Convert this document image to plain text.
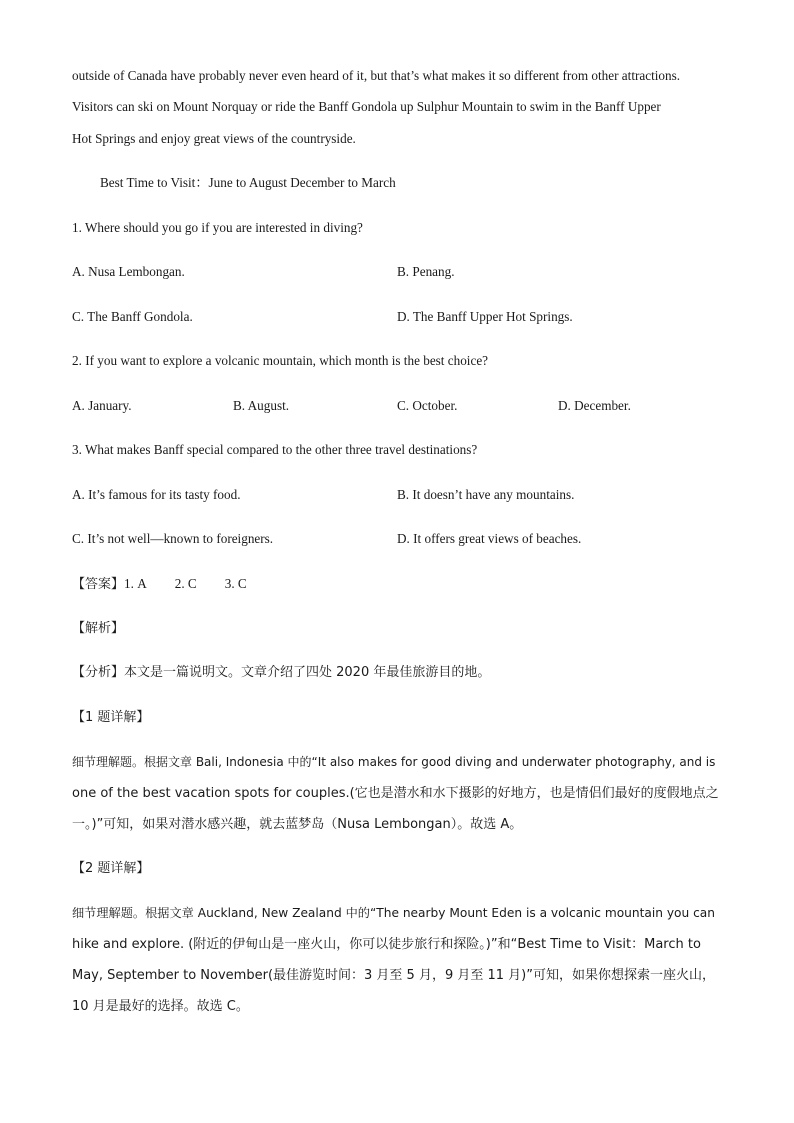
outside of Canada have probably never even heard of it, but that’s what makes it so different from other attractions.
Visitors can ski on Mount Norquay or ride the Banff Gondola up Sulphur Mountain to swim in the Banff Upper
Hot Springs and enjoy great views of the countryside.
Best Time to Visit：June to August December to March
1. Where should you go if you are interested in diving?
A. Nusa Lembongan.	B. Penang.
C. The Banff Gondola.	D. The Banff Upper Hot Springs.
2. If you want to explore a volcanic mountain, which month is the best choice?
A. January.	B. August.	C. October.	D. December.
3. What makes Banff special compared to the other three travel destinations?
A. It’s famous for its tasty food.	B. It doesn’t have any mountains.
C. It’s not well—known to foreigners.	D. It offers great views of beaches.
【答案】1. A 2. C 3. C
【解析】
【分析】本文是一篇说明文。文章介绍了四处 2020 年最佳旅游目的地。
【1 题详解】
细节理解题。根据文章 Bali, Indonesia 中的“It also makes for good diving and underwater photography, and is
one of the best vacation spots for couples.(它也是潜水和水下摄影的好地方，也是情侣们最好的度假地点之
一。)”可知，如果对潜水感兴趣，就去蓝梦岛（Nusa Lembongan）。故选 A。
【2 题详解】
细节理解题。根据文章 Auckland, New Zealand 中的“The nearby Mount Eden is a volcanic mountain you can
hike and explore. (附近的伊甸山是一座火山，你可以徒步旅行和探险。)”和“Best Time to Visit：March to
May, September to November(最佳游览时间：3 月至 5 月，9 月至 11 月)”可知，如果你想探索一座火山，
10 月是最好的选择。故选 C。
